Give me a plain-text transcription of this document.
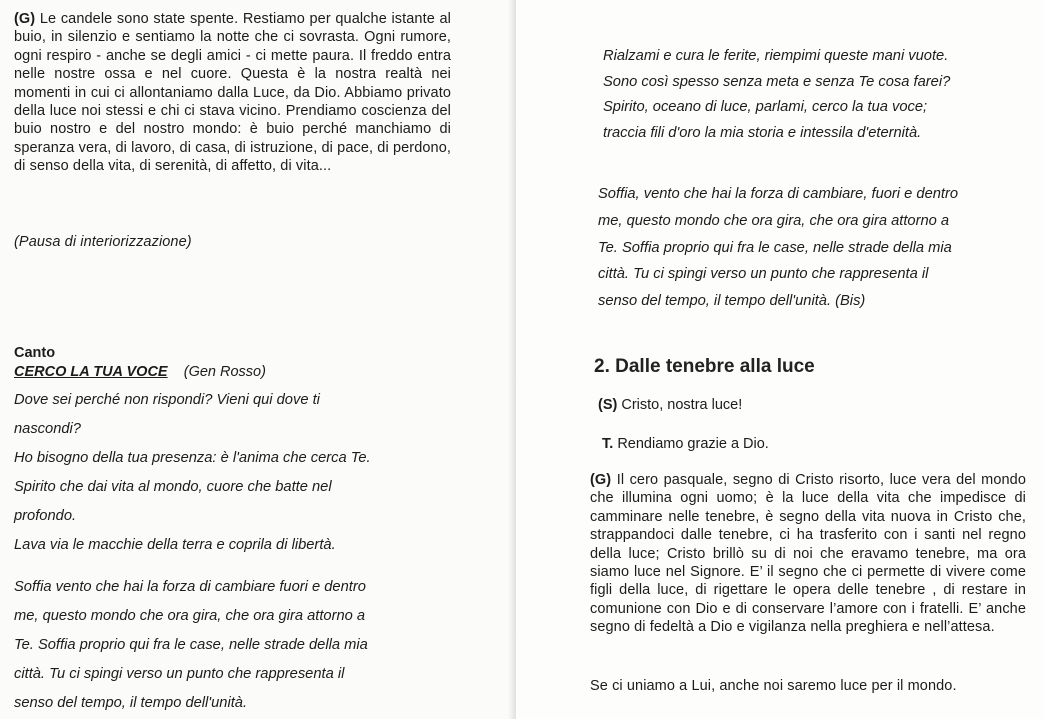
(G) Le candele sono state spente. Restiamo per qualche istante al buio, in silenzio e sentiamo la notte che ci sovrasta. Ogni rumore, ogni respiro - anche se degli amici - ci mette paura. Il freddo entra nelle nostre ossa e nel cuore. Questa è la nostra realtà nei momenti in cui ci allontaniamo dalla Luce, da Dio. Abbiamo privato della luce noi stessi e chi ci stava vicino. Prendiamo coscienza del buio nostro e del nostro mondo: è buio perché manchiamo di speranza vera, di lavoro, di casa, di istruzione, di pace, di perdono, di senso della vita, di serenità, di affetto, di vita...

(Pausa di interiorizzazione)

Canto

CERCO LA TUA VOCE (Gen Rosso)

Dove sei perché non rispondi? Vieni qui dove ti
nascondi?
Ho bisogno della tua presenza: è l'anima che cerca Te.
Spirito che dai vita al mondo, cuore che batte nel
profondo.
Lava via le macchie della terra e coprila di libertà.
Soffia vento che hai la forza di cambiare fuori e dentro
me, questo mondo che ora gira, che ora gira attorno a
Te. Soffia proprio qui fra le case, nelle strade della mia
città. Tu ci spingi verso un punto che rappresenta il
senso del tempo, il tempo dell'unità.
Rialzami e cura le ferite, riempimi queste mani vuote.
Sono così spesso senza meta e senza Te cosa farei?
Spirito, oceano di luce, parlami, cerco la tua voce;
traccia fili d'oro la mia storia e intessila d'eternità.
Soffia, vento che hai la forza di cambiare, fuori e dentro
me, questo mondo che ora gira, che ora gira attorno a
Te. Soffia proprio qui fra le case, nelle strade della mia
città. Tu ci spingi verso un punto che rappresenta il
senso del tempo, il tempo dell'unità. (Bis)

2. Dalle tenebre alla luce

(S) Cristo, nostra luce!

T. Rendiamo grazie a Dio.

(G) Il cero pasquale, segno di Cristo risorto, luce vera del mondo che illumina ogni uomo; è la luce della vita che impedisce di camminare nelle tenebre, è segno della vita nuova in Cristo che, strappandoci dalle tenebre, ci ha trasferito con i santi nel regno della luce; Cristo brillò su di noi che eravamo tenebre, ma ora siamo luce nel Signore. E’ il segno che ci permette di vivere come figli della luce, di rigettare le opera delle tenebre , di restare in comunione con Dio e di conservare l’amore con i fratelli. E’ anche segno di fedeltà a Dio e vigilanza nella preghiera e nell’attesa.

Se ci uniamo a Lui, anche noi saremo luce per il mondo.
